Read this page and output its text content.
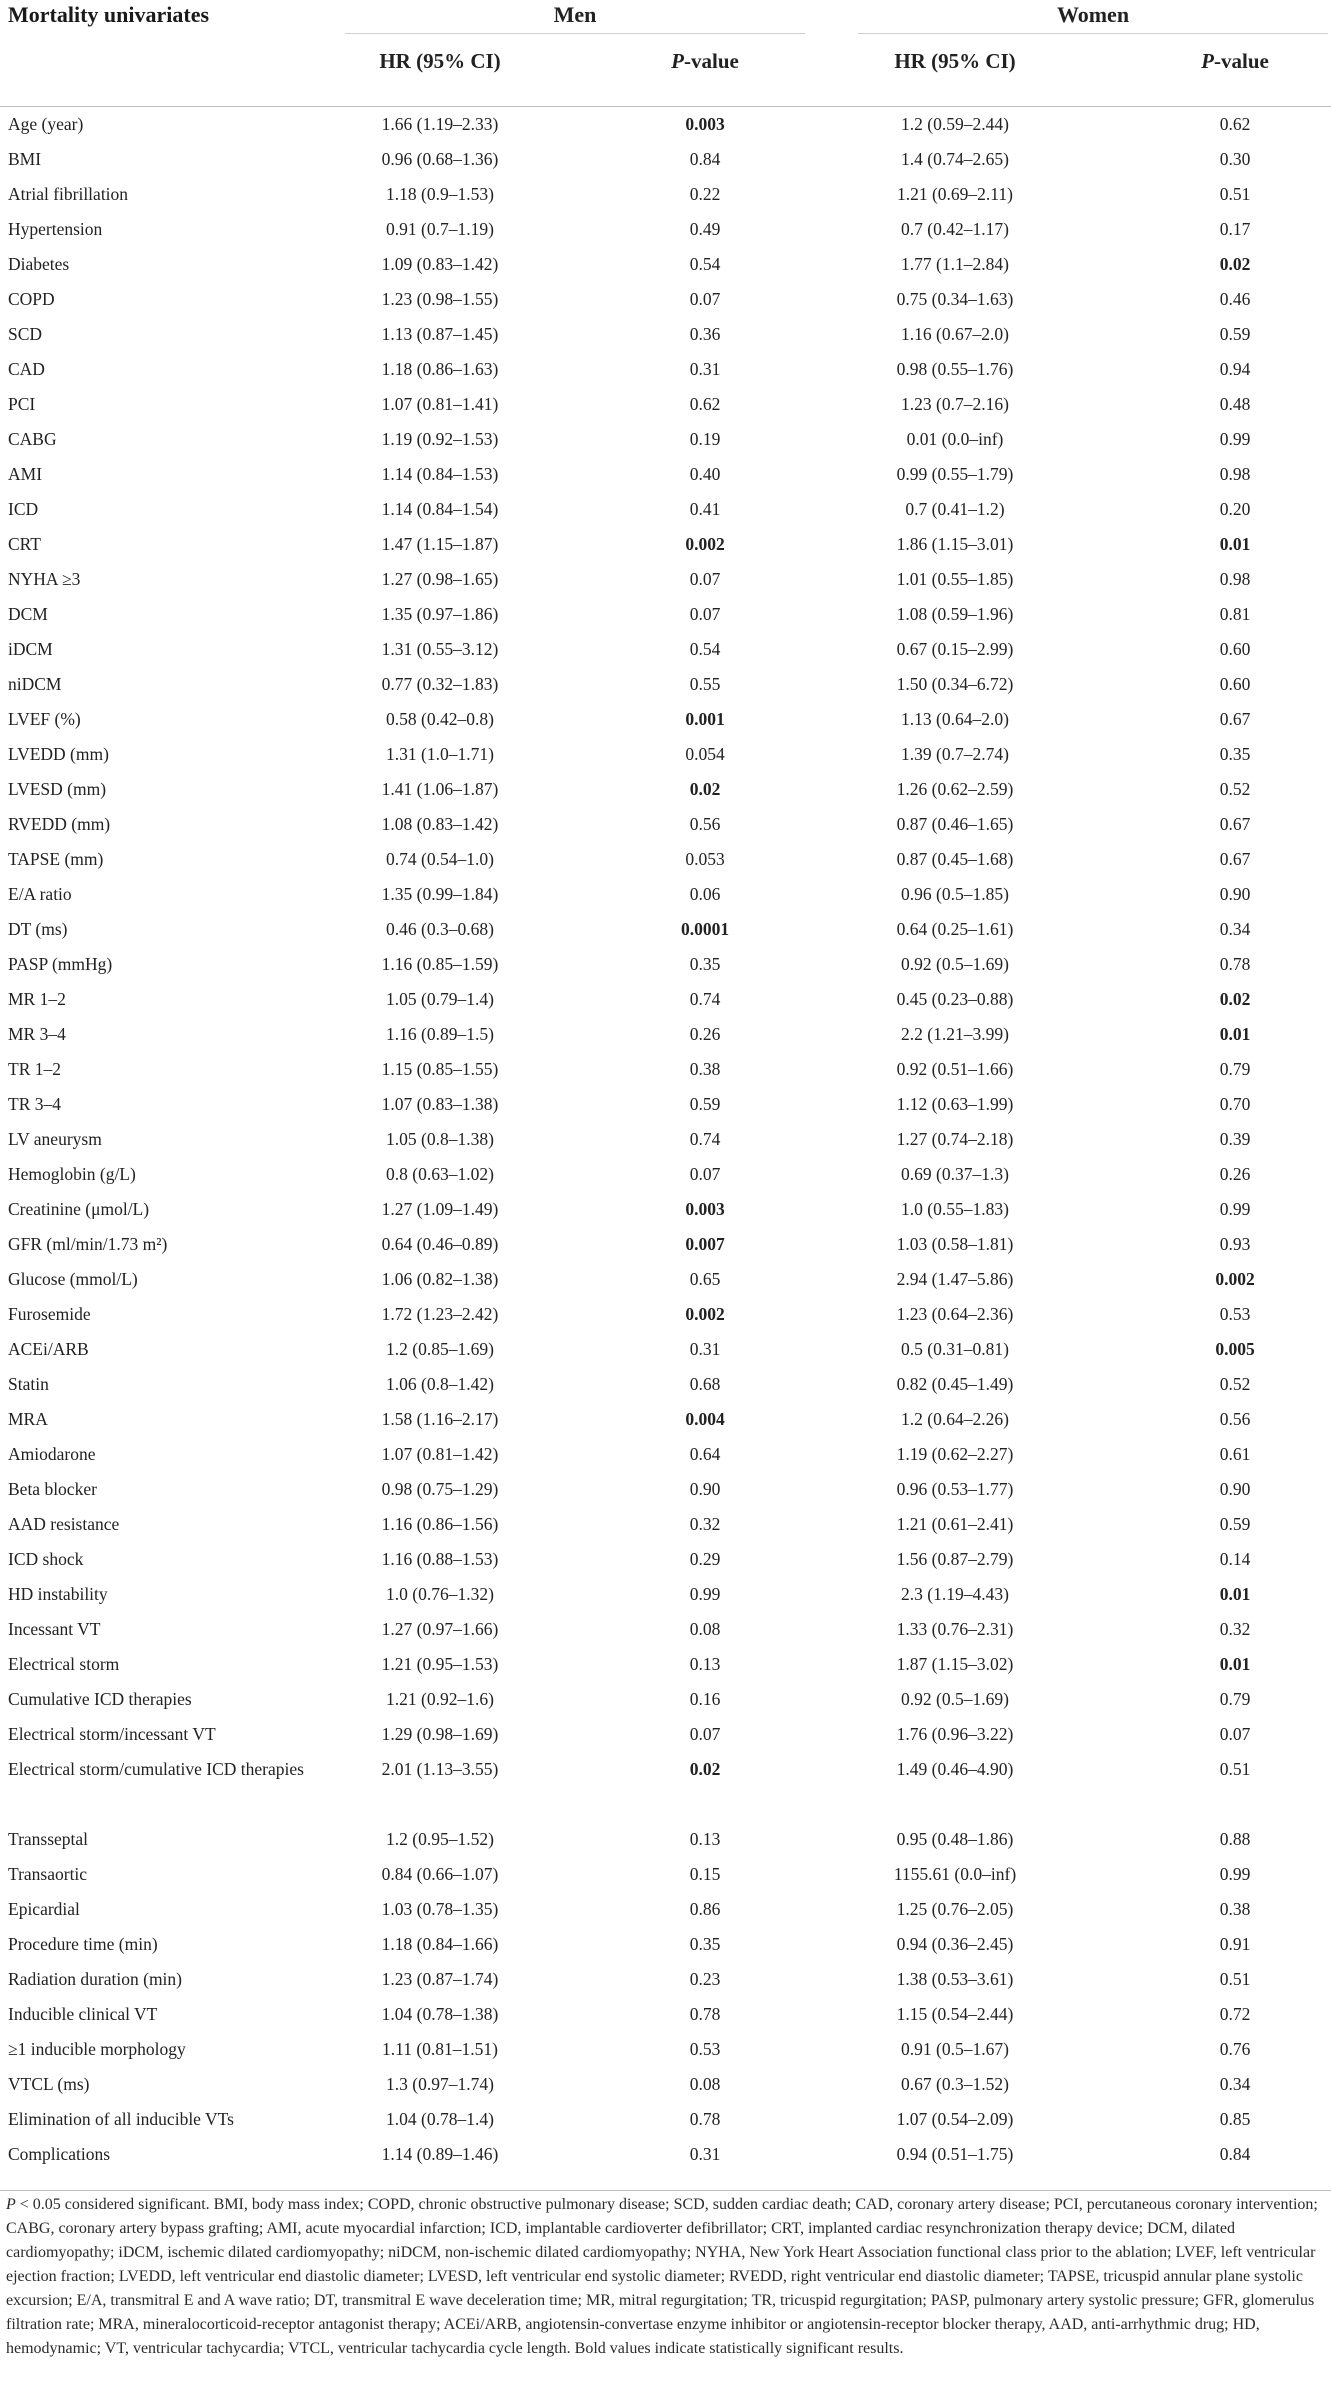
Mortality univariates	Men	Women
HR (95% CI)	P-value	HR (95% CI)	P-value
Age (year)	1.66 (1.19–2.33)	0.003	1.2 (0.59–2.44)	0.62
BMI	0.96 (0.68–1.36)	0.84	1.4 (0.74–2.65)	0.30
Atrial fibrillation	1.18 (0.9–1.53)	0.22	1.21 (0.69–2.11)	0.51
Hypertension	0.91 (0.7–1.19)	0.49	0.7 (0.42–1.17)	0.17
Diabetes	1.09 (0.83–1.42)	0.54	1.77 (1.1–2.84)	0.02
COPD	1.23 (0.98–1.55)	0.07	0.75 (0.34–1.63)	0.46
SCD	1.13 (0.87–1.45)	0.36	1.16 (0.67–2.0)	0.59
CAD	1.18 (0.86–1.63)	0.31	0.98 (0.55–1.76)	0.94
PCI	1.07 (0.81–1.41)	0.62	1.23 (0.7–2.16)	0.48
CABG	1.19 (0.92–1.53)	0.19	0.01 (0.0–inf)	0.99
AMI	1.14 (0.84–1.53)	0.40	0.99 (0.55–1.79)	0.98
ICD	1.14 (0.84–1.54)	0.41	0.7 (0.41–1.2)	0.20
CRT	1.47 (1.15–1.87)	0.002	1.86 (1.15–3.01)	0.01
NYHA ≥3	1.27 (0.98–1.65)	0.07	1.01 (0.55–1.85)	0.98
DCM	1.35 (0.97–1.86)	0.07	1.08 (0.59–1.96)	0.81
iDCM	1.31 (0.55–3.12)	0.54	0.67 (0.15–2.99)	0.60
niDCM	0.77 (0.32–1.83)	0.55	1.50 (0.34–6.72)	0.60
LVEF (%)	0.58 (0.42–0.8)	0.001	1.13 (0.64–2.0)	0.67
LVEDD (mm)	1.31 (1.0–1.71)	0.054	1.39 (0.7–2.74)	0.35
LVESD (mm)	1.41 (1.06–1.87)	0.02	1.26 (0.62–2.59)	0.52
RVEDD (mm)	1.08 (0.83–1.42)	0.56	0.87 (0.46–1.65)	0.67
TAPSE (mm)	0.74 (0.54–1.0)	0.053	0.87 (0.45–1.68)	0.67
E/A ratio	1.35 (0.99–1.84)	0.06	0.96 (0.5–1.85)	0.90
DT (ms)	0.46 (0.3–0.68)	0.0001	0.64 (0.25–1.61)	0.34
PASP (mmHg)	1.16 (0.85–1.59)	0.35	0.92 (0.5–1.69)	0.78
MR 1–2	1.05 (0.79–1.4)	0.74	0.45 (0.23–0.88)	0.02
MR 3–4	1.16 (0.89–1.5)	0.26	2.2 (1.21–3.99)	0.01
TR 1–2	1.15 (0.85–1.55)	0.38	0.92 (0.51–1.66)	0.79
TR 3–4	1.07 (0.83–1.38)	0.59	1.12 (0.63–1.99)	0.70
LV aneurysm	1.05 (0.8–1.38)	0.74	1.27 (0.74–2.18)	0.39
Hemoglobin (g/L)	0.8 (0.63–1.02)	0.07	0.69 (0.37–1.3)	0.26
Creatinine (μmol/L)	1.27 (1.09–1.49)	0.003	1.0 (0.55–1.83)	0.99
GFR (ml/min/1.73 m²)	0.64 (0.46–0.89)	0.007	1.03 (0.58–1.81)	0.93
Glucose (mmol/L)	1.06 (0.82–1.38)	0.65	2.94 (1.47–5.86)	0.002
Furosemide	1.72 (1.23–2.42)	0.002	1.23 (0.64–2.36)	0.53
ACEi/ARB	1.2 (0.85–1.69)	0.31	0.5 (0.31–0.81)	0.005
Statin	1.06 (0.8–1.42)	0.68	0.82 (0.45–1.49)	0.52
MRA	1.58 (1.16–2.17)	0.004	1.2 (0.64–2.26)	0.56
Amiodarone	1.07 (0.81–1.42)	0.64	1.19 (0.62–2.27)	0.61
Beta blocker	0.98 (0.75–1.29)	0.90	0.96 (0.53–1.77)	0.90
AAD resistance	1.16 (0.86–1.56)	0.32	1.21 (0.61–2.41)	0.59
ICD shock	1.16 (0.88–1.53)	0.29	1.56 (0.87–2.79)	0.14
HD instability	1.0 (0.76–1.32)	0.99	2.3 (1.19–4.43)	0.01
Incessant VT	1.27 (0.97–1.66)	0.08	1.33 (0.76–2.31)	0.32
Electrical storm	1.21 (0.95–1.53)	0.13	1.87 (1.15–3.02)	0.01
Cumulative ICD therapies	1.21 (0.92–1.6)	0.16	0.92 (0.5–1.69)	0.79
Electrical storm/incessant VT	1.29 (0.98–1.69)	0.07	1.76 (0.96–3.22)	0.07
Electrical storm/cumulative ICD therapies	2.01 (1.13–3.55)	0.02	1.49 (0.46–4.90)	0.51
Transseptal	1.2 (0.95–1.52)	0.13	0.95 (0.48–1.86)	0.88
Transaortic	0.84 (0.66–1.07)	0.15	1155.61 (0.0–inf)	0.99
Epicardial	1.03 (0.78–1.35)	0.86	1.25 (0.76–2.05)	0.38
Procedure time (min)	1.18 (0.84–1.66)	0.35	0.94 (0.36–2.45)	0.91
Radiation duration (min)	1.23 (0.87–1.74)	0.23	1.38 (0.53–3.61)	0.51
Inducible clinical VT	1.04 (0.78–1.38)	0.78	1.15 (0.54–2.44)	0.72
≥1 inducible morphology	1.11 (0.81–1.51)	0.53	0.91 (0.5–1.67)	0.76
VTCL (ms)	1.3 (0.97–1.74)	0.08	0.67 (0.3–1.52)	0.34
Elimination of all inducible VTs	1.04 (0.78–1.4)	0.78	1.07 (0.54–2.09)	0.85
Complications	1.14 (0.89–1.46)	0.31	0.94 (0.51–1.75)	0.84
P < 0.05 considered significant. BMI, body mass index; COPD, chronic obstructive pulmonary disease; SCD, sudden cardiac death; CAD, coronary artery disease; PCI, percutaneous coronary intervention; CABG, coronary artery bypass grafting; AMI, acute myocardial infarction; ICD, implantable cardioverter defibrillator; CRT, implanted cardiac resynchronization therapy device; DCM, dilated cardiomyopathy; iDCM, ischemic dilated cardiomyopathy; niDCM, non-ischemic dilated cardiomyopathy; NYHA, New York Heart Association functional class prior to the ablation; LVEF, left ventricular ejection fraction; LVEDD, left ventricular end diastolic diameter; LVESD, left ventricular end systolic diameter; RVEDD, right ventricular end diastolic diameter; TAPSE, tricuspid annular plane systolic excursion; E/A, transmitral E and A wave ratio; DT, transmitral E wave deceleration time; MR, mitral regurgitation; TR, tricuspid regurgitation; PASP, pulmonary artery systolic pressure; GFR, glomerulus filtration rate; MRA, mineralocorticoid-receptor antagonist therapy; ACEi/ARB, angiotensin-convertase enzyme inhibitor or angiotensin-receptor blocker therapy, AAD, anti-arrhythmic drug; HD, hemodynamic; VT, ventricular tachycardia; VTCL, ventricular tachycardia cycle length. Bold values indicate statistically significant results.
